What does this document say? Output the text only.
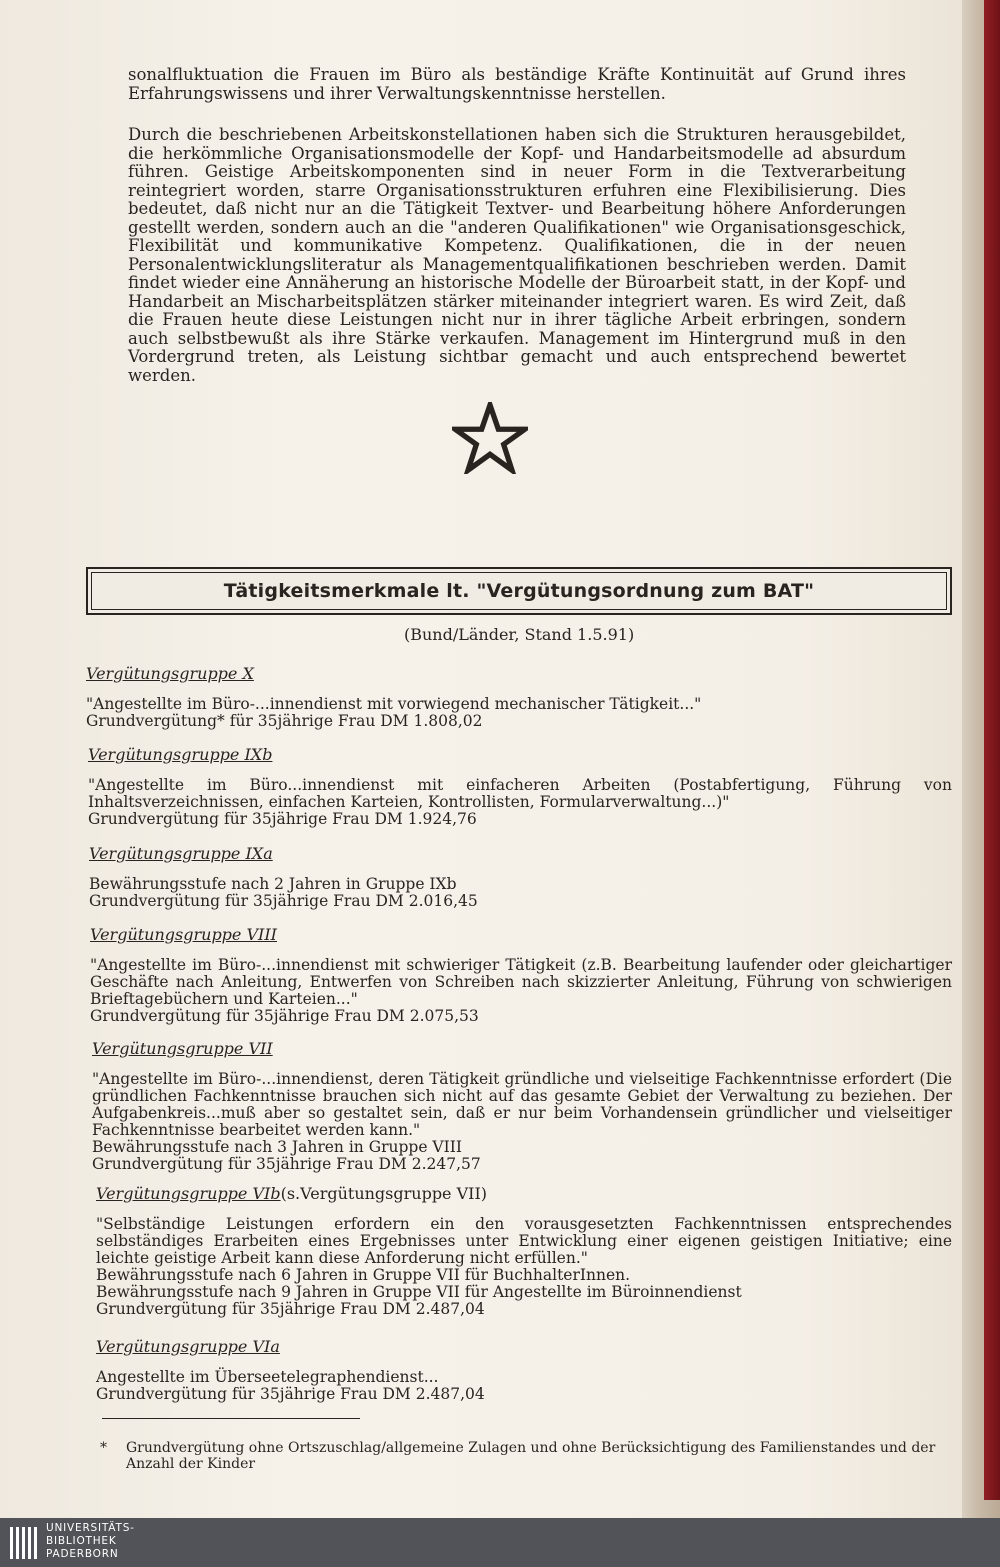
sonalfluktuation die Frauen im Büro als beständige Kräfte Kontinuität auf Grund ihres Erfahrungswissens und ihrer Verwaltungskenntnisse herstellen.
Durch die beschriebenen Arbeitskonstellationen haben sich die Strukturen herausgebildet, die herkömmliche Organisationsmodelle der Kopf- und Handarbeitsmodelle ad absurdum führen. Geistige Arbeitskomponenten sind in neuer Form in die Textverarbeitung reintegriert worden, starre Organisationsstrukturen erfuhren eine Flexibilisierung. Dies bedeutet, daß nicht nur an die Tätigkeit Textver- und Bearbeitung höhere Anforderungen gestellt werden, sondern auch an die "anderen Qualifikationen" wie Organisationsgeschick, Flexibilität und kommunikative Kompetenz. Qualifikationen, die in der neuen Personalentwicklungsliteratur als Managementqualifikationen beschrieben werden. Damit findet wieder eine Annäherung an historische Modelle der Büroarbeit statt, in der Kopf- und Handarbeit an Mischarbeitsplätzen stärker miteinander integriert waren. Es wird Zeit, daß die Frauen heute diese Leistungen nicht nur in ihrer tägliche Arbeit erbringen, sondern auch selbstbewußt als ihre Stärke verkaufen. Management im Hintergrund muß in den Vordergrund treten, als Leistung sichtbar gemacht und auch entsprechend bewertet werden.
Tätigkeitsmerkmale lt. "Vergütungsordnung zum BAT"
(Bund/Länder, Stand 1.5.91)
Vergütungsgruppe X
"Angestellte im Büro-...innendienst mit vorwiegend mechanischer Tätigkeit..."
Grundvergütung* für 35jährige Frau DM 1.808,02
Vergütungsgruppe IXb
"Angestellte im Büro...innendienst mit einfacheren Arbeiten (Postabfertigung, Führung von Inhaltsverzeichnissen, einfachen Karteien, Kontrollisten, Formularverwaltung...)"
Grundvergütung für 35jährige Frau DM 1.924,76
Vergütungsgruppe IXa
Bewährungsstufe nach 2 Jahren in Gruppe IXb
Grundvergütung für 35jährige Frau DM 2.016,45
Vergütungsgruppe VIII
"Angestellte im Büro-...innendienst mit schwieriger Tätigkeit (z.B. Bearbeitung laufender oder gleichartiger Geschäfte nach Anleitung, Entwerfen von Schreiben nach skizzierter Anleitung, Führung von schwierigen Brieftagebüchern und Karteien..."
Grundvergütung für 35jährige Frau DM 2.075,53
Vergütungsgruppe VII
"Angestellte im Büro-...innendienst, deren Tätigkeit gründliche und vielseitige Fachkenntnisse erfordert (Die gründlichen Fachkenntnisse brauchen sich nicht auf das gesamte Gebiet der Verwaltung zu beziehen. Der Aufgabenkreis...muß aber so gestaltet sein, daß er nur beim Vorhandensein gründlicher und vielseitiger Fachkenntnisse bearbeitet werden kann."
Bewährungsstufe nach 3 Jahren in Gruppe VIII
Grundvergütung für 35jährige Frau DM 2.247,57
Vergütungsgruppe VIb(s.Vergütungsgruppe VII)
"Selbständige Leistungen erfordern ein den vorausgesetzten Fachkenntnissen entsprechendes selbständiges Erarbeiten eines Ergebnisses unter Entwicklung einer eigenen geistigen Initiative; eine leichte geistige Arbeit kann diese Anforderung nicht erfüllen."
Bewährungsstufe nach 6 Jahren in Gruppe VII für BuchhalterInnen.
Bewährungsstufe nach 9 Jahren in Gruppe VII für Angestellte im Büroinnendienst
Grundvergütung für 35jährige Frau DM 2.487,04
Vergütungsgruppe VIa
Angestellte im Überseetelegraphendienst...
Grundvergütung für 35jährige Frau DM 2.487,04
* Grundvergütung ohne Ortszuschlag/allgemeine Zulagen und ohne Berücksichtigung des Familienstandes und der Anzahl der Kinder
UNIVERSITÄTS-
BIBLIOTHEK
PADERBORN
